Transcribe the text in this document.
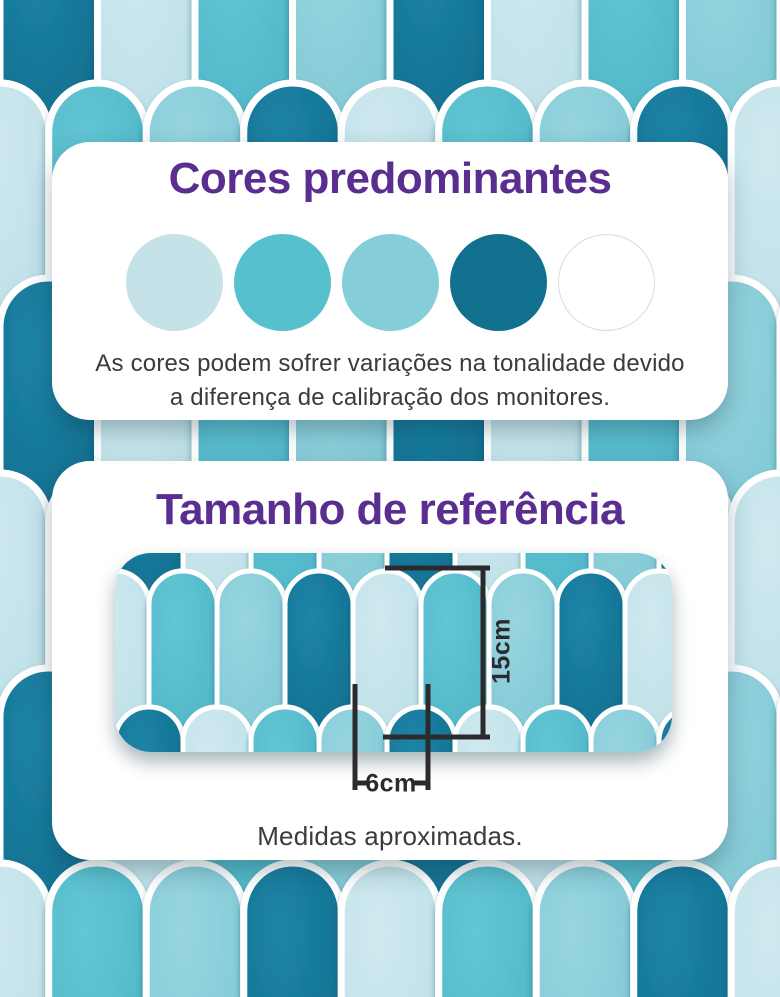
Cores predominantes

As cores podem sofrer variações na tonalidade devido
a diferença de calibração dos monitores.

Tamanho de referência

Medidas aproximadas.

15cm
6cm
